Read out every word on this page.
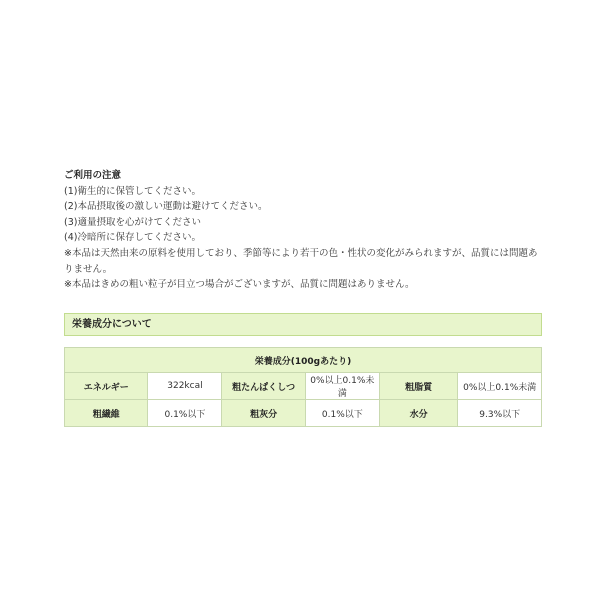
ご利用の注意
(1)衛生的に保管してください。
(2)本品摂取後の激しい運動は避けてください。
(3)適量摂取を心がけてください
(4)冷暗所に保存してください。
※本品は天然由来の原料を使用しており、季節等により若干の色・性状の変化がみられますが、品質には問題ありません。
※本品はきめの粗い粒子が目立つ場合がございますが、品質に問題はありません。
栄養成分について
栄養成分(100gあたり)					
エネルギー	322kcal	粗たんぱくしつ	0%以上0.1%未満	粗脂質	0%以上0.1%未満
粗繊維	0.1%以下	粗灰分	0.1%以下	水分	9.3%以下
